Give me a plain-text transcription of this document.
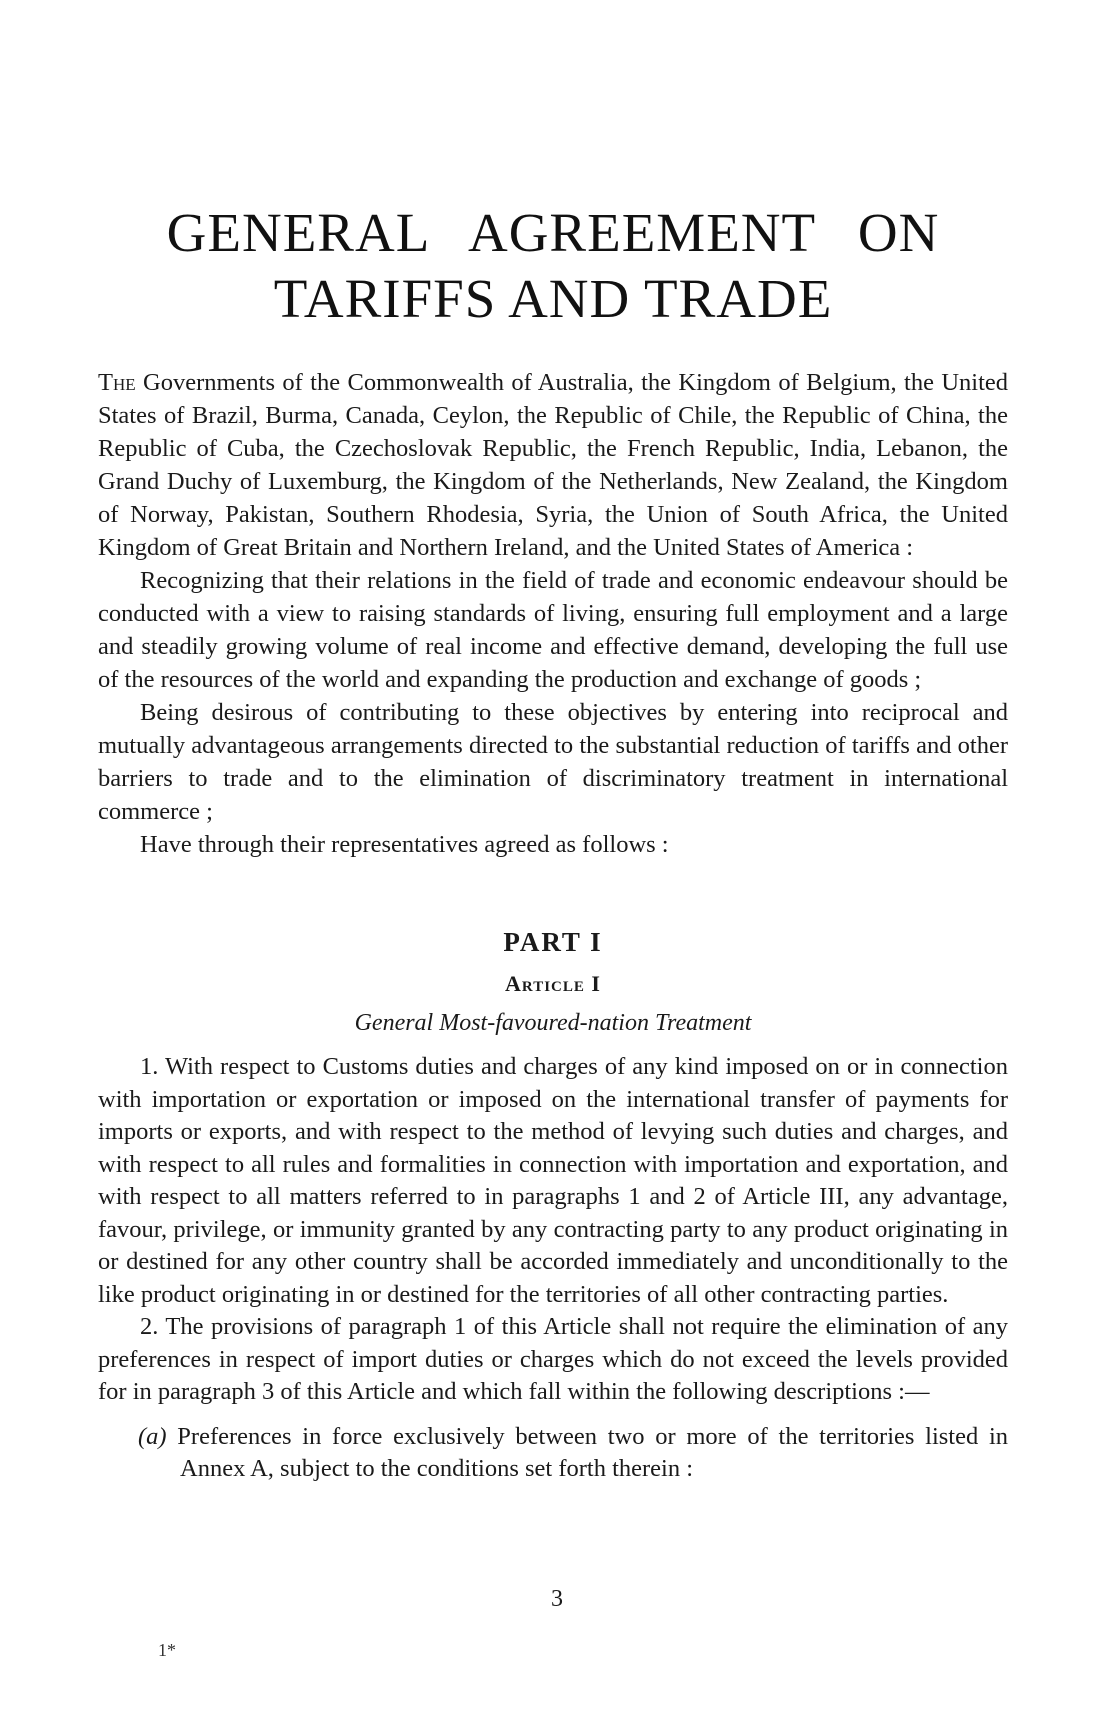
GENERAL AGREEMENT ON
TARIFFS AND TRADE

The Governments of the Commonwealth of Australia, the Kingdom of Belgium, the United States of Brazil, Burma, Canada, Ceylon, the Republic of Chile, the Republic of China, the Republic of Cuba, the Czechoslovak Republic, the French Republic, India, Lebanon, the Grand Duchy of Luxemburg, the Kingdom of the Netherlands, New Zealand, the Kingdom of Norway, Pakistan, Southern Rhodesia, Syria, the Union of South Africa, the United Kingdom of Great Britain and Northern Ireland, and the United States of America :

Recognizing that their relations in the field of trade and economic endeavour should be conducted with a view to raising standards of living, ensuring full employment and a large and steadily growing volume of real income and effective demand, developing the full use of the resources of the world and expanding the production and exchange of goods ;

Being desirous of contributing to these objectives by entering into reciprocal and mutually advantageous arrangements directed to the substantial reduction of tariffs and other barriers to trade and to the elimination of discriminatory treatment in international commerce ;

Have through their representatives agreed as follows :

PART I
Article I

General Most-favoured-nation Treatment

1. With respect to Customs duties and charges of any kind imposed on or in connection with importation or exportation or imposed on the international transfer of payments for imports or exports, and with respect to the method of levying such duties and charges, and with respect to all rules and formalities in connection with importation and exportation, and with respect to all matters referred to in paragraphs 1 and 2 of Article III, any advantage, favour, privilege, or immunity granted by any contracting party to any product originating in or destined for any other country shall be accorded immediately and unconditionally to the like product originating in or destined for the territories of all other contracting parties.

2. The provisions of paragraph 1 of this Article shall not require the elimination of any preferences in respect of import duties or charges which do not exceed the levels provided for in paragraph 3 of this Article and which fall within the following descriptions :—

(a) Preferences in force exclusively between two or more of the territories listed in Annex A, subject to the conditions set forth therein :

3
1*
